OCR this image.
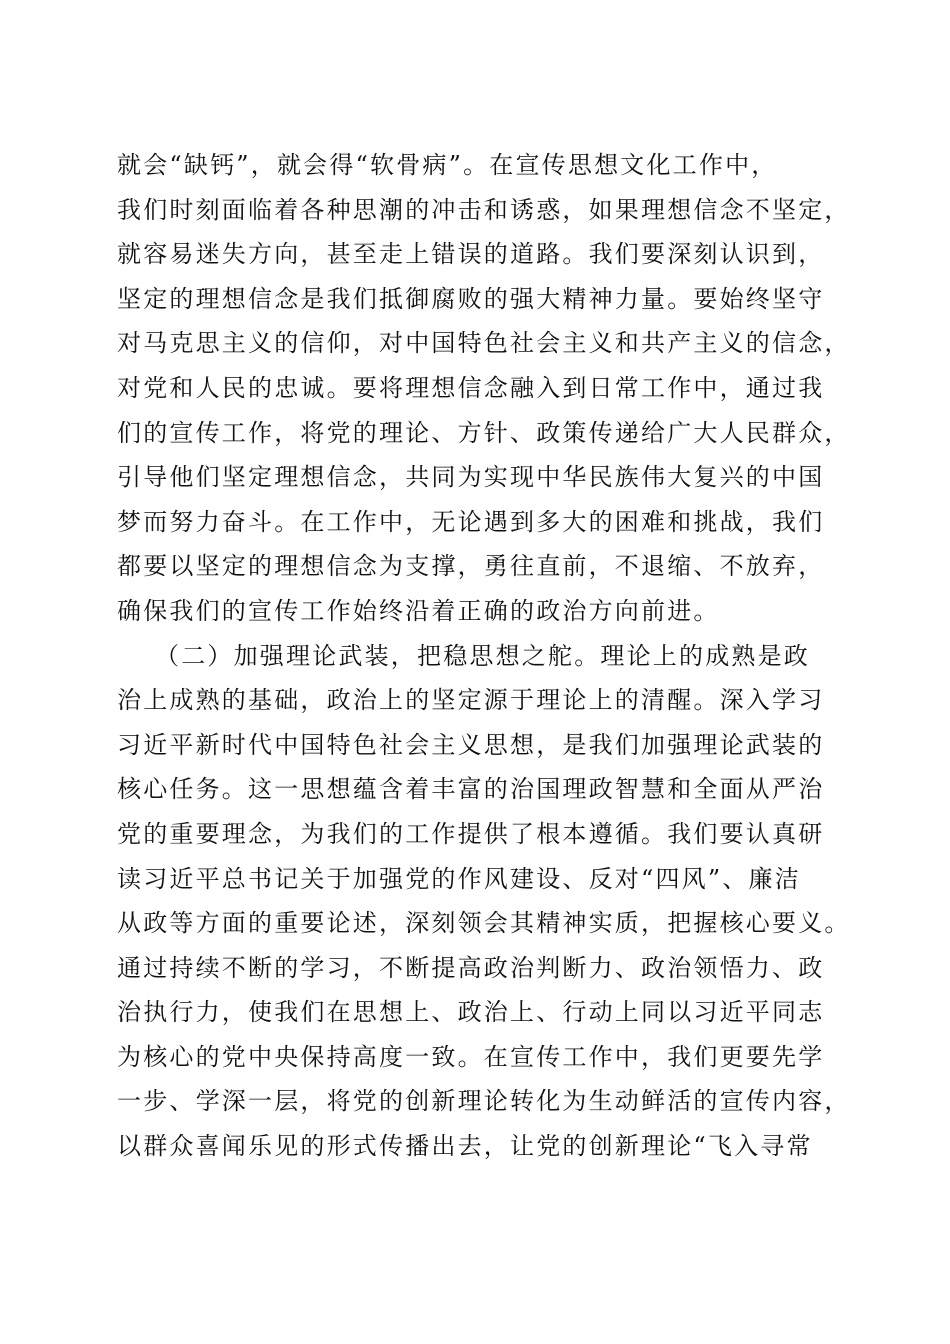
就会“缺钙”，就会得“软骨病”。在宣传思想文化工作中，
我们时刻面临着各种思潮的冲击和诱惑，如果理想信念不坚定，
就容易迷失方向，甚至走上错误的道路。我们要深刻认识到，
坚定的理想信念是我们抵御腐败的强大精神力量。要始终坚守
对马克思主义的信仰，对中国特色社会主义和共产主义的信念，
对党和人民的忠诚。要将理想信念融入到日常工作中，通过我
们的宣传工作，将党的理论、方针、政策传递给广大人民群众，
引导他们坚定理想信念，共同为实现中华民族伟大复兴的中国
梦而努力奋斗。在工作中，无论遇到多大的困难和挑战，我们
都要以坚定的理想信念为支撑，勇往直前，不退缩、不放弃，
确保我们的宣传工作始终沿着正确的政治方向前进。
（二）加强理论武装，把稳思想之舵。理论上的成熟是政
治上成熟的基础，政治上的坚定源于理论上的清醒。深入学习
习近平新时代中国特色社会主义思想，是我们加强理论武装的
核心任务。这一思想蕴含着丰富的治国理政智慧和全面从严治
党的重要理念，为我们的工作提供了根本遵循。我们要认真研
读习近平总书记关于加强党的作风建设、反对“四风”、廉洁
从政等方面的重要论述，深刻领会其精神实质，把握核心要义。
通过持续不断的学习，不断提高政治判断力、政治领悟力、政
治执行力，使我们在思想上、政治上、行动上同以习近平同志
为核心的党中央保持高度一致。在宣传工作中，我们更要先学
一步、学深一层，将党的创新理论转化为生动鲜活的宣传内容，
以群众喜闻乐见的形式传播出去，让党的创新理论“飞入寻常
